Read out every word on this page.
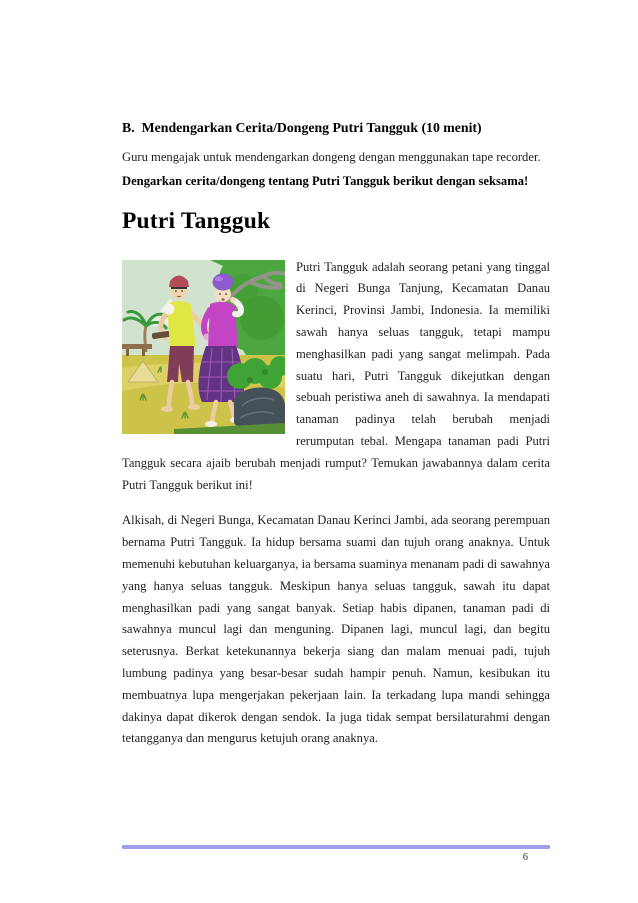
B. Mendengarkan Cerita/Dongeng Putri Tangguk (10 menit)

Guru mengajak untuk mendengarkan dongeng dengan menggunakan tape recorder.

Dengarkan cerita/dongeng tentang Putri Tangguk berikut dengan seksama!

Putri Tangguk

Putri Tangguk adalah seorang petani yang tinggal di Negeri Bunga Tanjung, Kecamatan Danau Kerinci, Provinsi Jambi, Indonesia. Ia memiliki sawah hanya seluas tangguk, tetapi mampu menghasilkan padi yang sangat melimpah. Pada suatu hari, Putri Tangguk dikejutkan dengan sebuah peristiwa aneh di sawahnya. Ia mendapati tanaman padinya telah berubah menjadi rerumputan tebal. Mengapa tanaman padi Putri Tangguk secara ajaib berubah menjadi rumput? Temukan jawabannya dalam cerita Putri Tangguk berikut ini!

Alkisah, di Negeri Bunga, Kecamatan Danau Kerinci Jambi, ada seorang perempuan bernama Putri Tangguk. Ia hidup bersama suami dan tujuh orang anaknya. Untuk memenuhi kebutuhan keluarganya, ia bersama suaminya menanam padi di sawahnya yang hanya seluas tangguk. Meskipun hanya seluas tangguk, sawah itu dapat menghasilkan padi yang sangat banyak. Setiap habis dipanen, tanaman padi di sawahnya muncul lagi dan menguning. Dipanen lagi, muncul lagi, dan begitu seterusnya. Berkat ketekunannya bekerja siang dan malam menuai padi, tujuh lumbung padinya yang besar-besar sudah hampir penuh. Namun, kesibukan itu membuatnya lupa mengerjakan pekerjaan lain. Ia terkadang lupa mandi sehingga dakinya dapat dikerok dengan sendok. Ia juga tidak sempat bersilaturahmi dengan tetangganya dan mengurus ketujuh orang anaknya.

6
